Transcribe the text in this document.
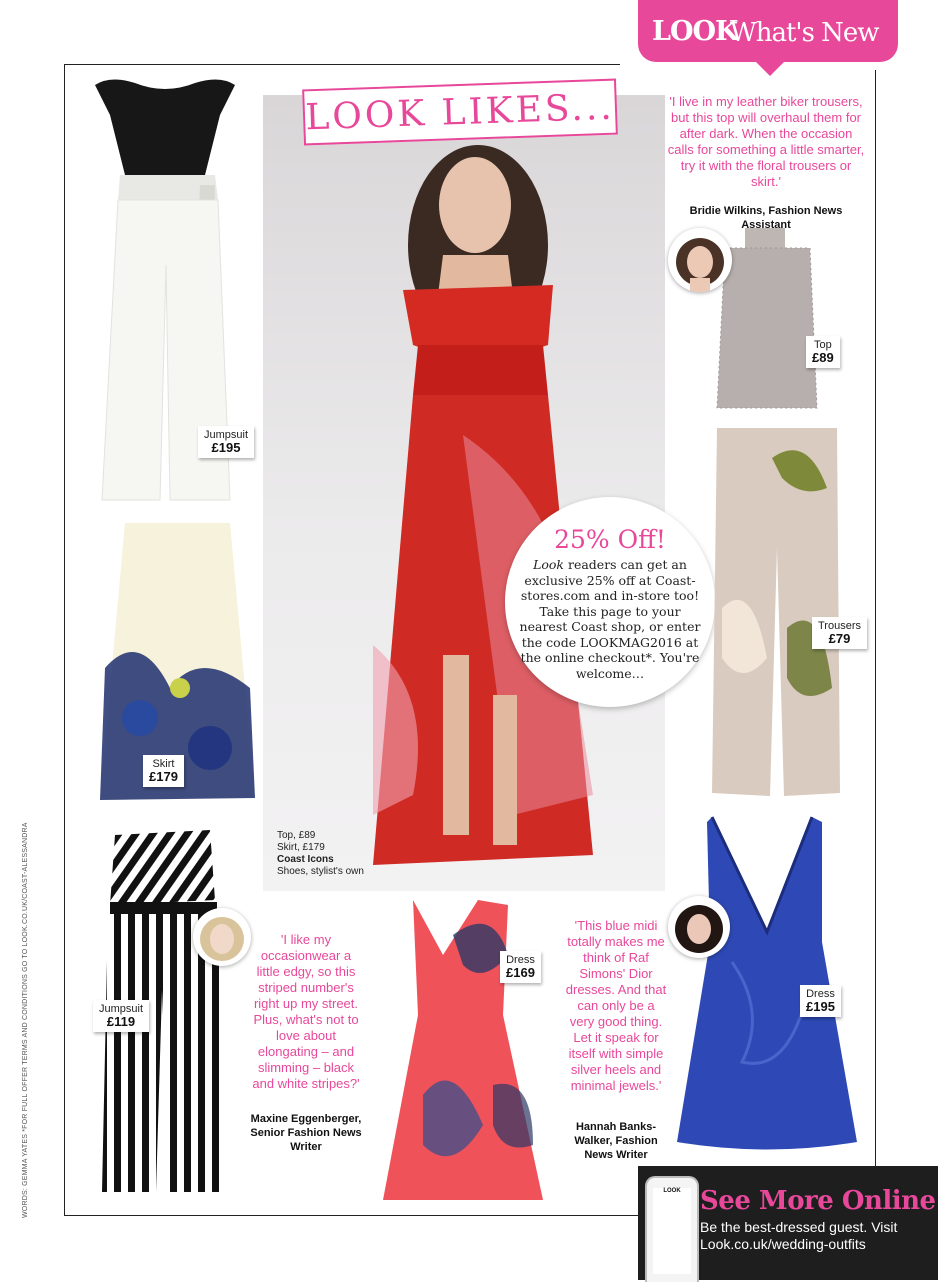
LOOK
What's New
LOOK LIKES...
Top, £89
Skirt, £179
Coast Icons
Shoes, stylist's own
25% Off!
Look readers can get an exclusive 25% off at Coast-stores.com and in-store too! Take this page to your nearest Coast shop, or enter the code LOOKMAG2016 at the online checkout*. You're welcome…
Jumpsuit
£195
Skirt
£179
Jumpsuit
£119
Dress
£169
Top
£89
Trousers
£79
Dress
£195
'I live in my leather biker trousers, but this top will overhaul them for after dark. When the occasion calls for something a little smarter, try it with the floral trousers or skirt.'
Bridie Wilkins, Fashion News Assistant
'I like my occasionwear a little edgy, so this striped number's right up my street. Plus, what's not to love about elongating – and slimming – black and white stripes?'
Maxine Eggenberger, Senior Fashion News Writer
'This blue midi totally makes me think of Raf Simons' Dior dresses. And that can only be a very good thing. Let it speak for itself with simple silver heels and minimal jewels.'
Hannah Banks-Walker, Fashion News Writer
WORDS: GEMMA YATES *FOR FULL OFFER TERMS AND CONDITIONS GO TO LOOK.CO.UK/COAST-ALESSANDRA	LOOK See More Online
Be the best-dressed guest. Visit
Look.co.uk/wedding-outfits
